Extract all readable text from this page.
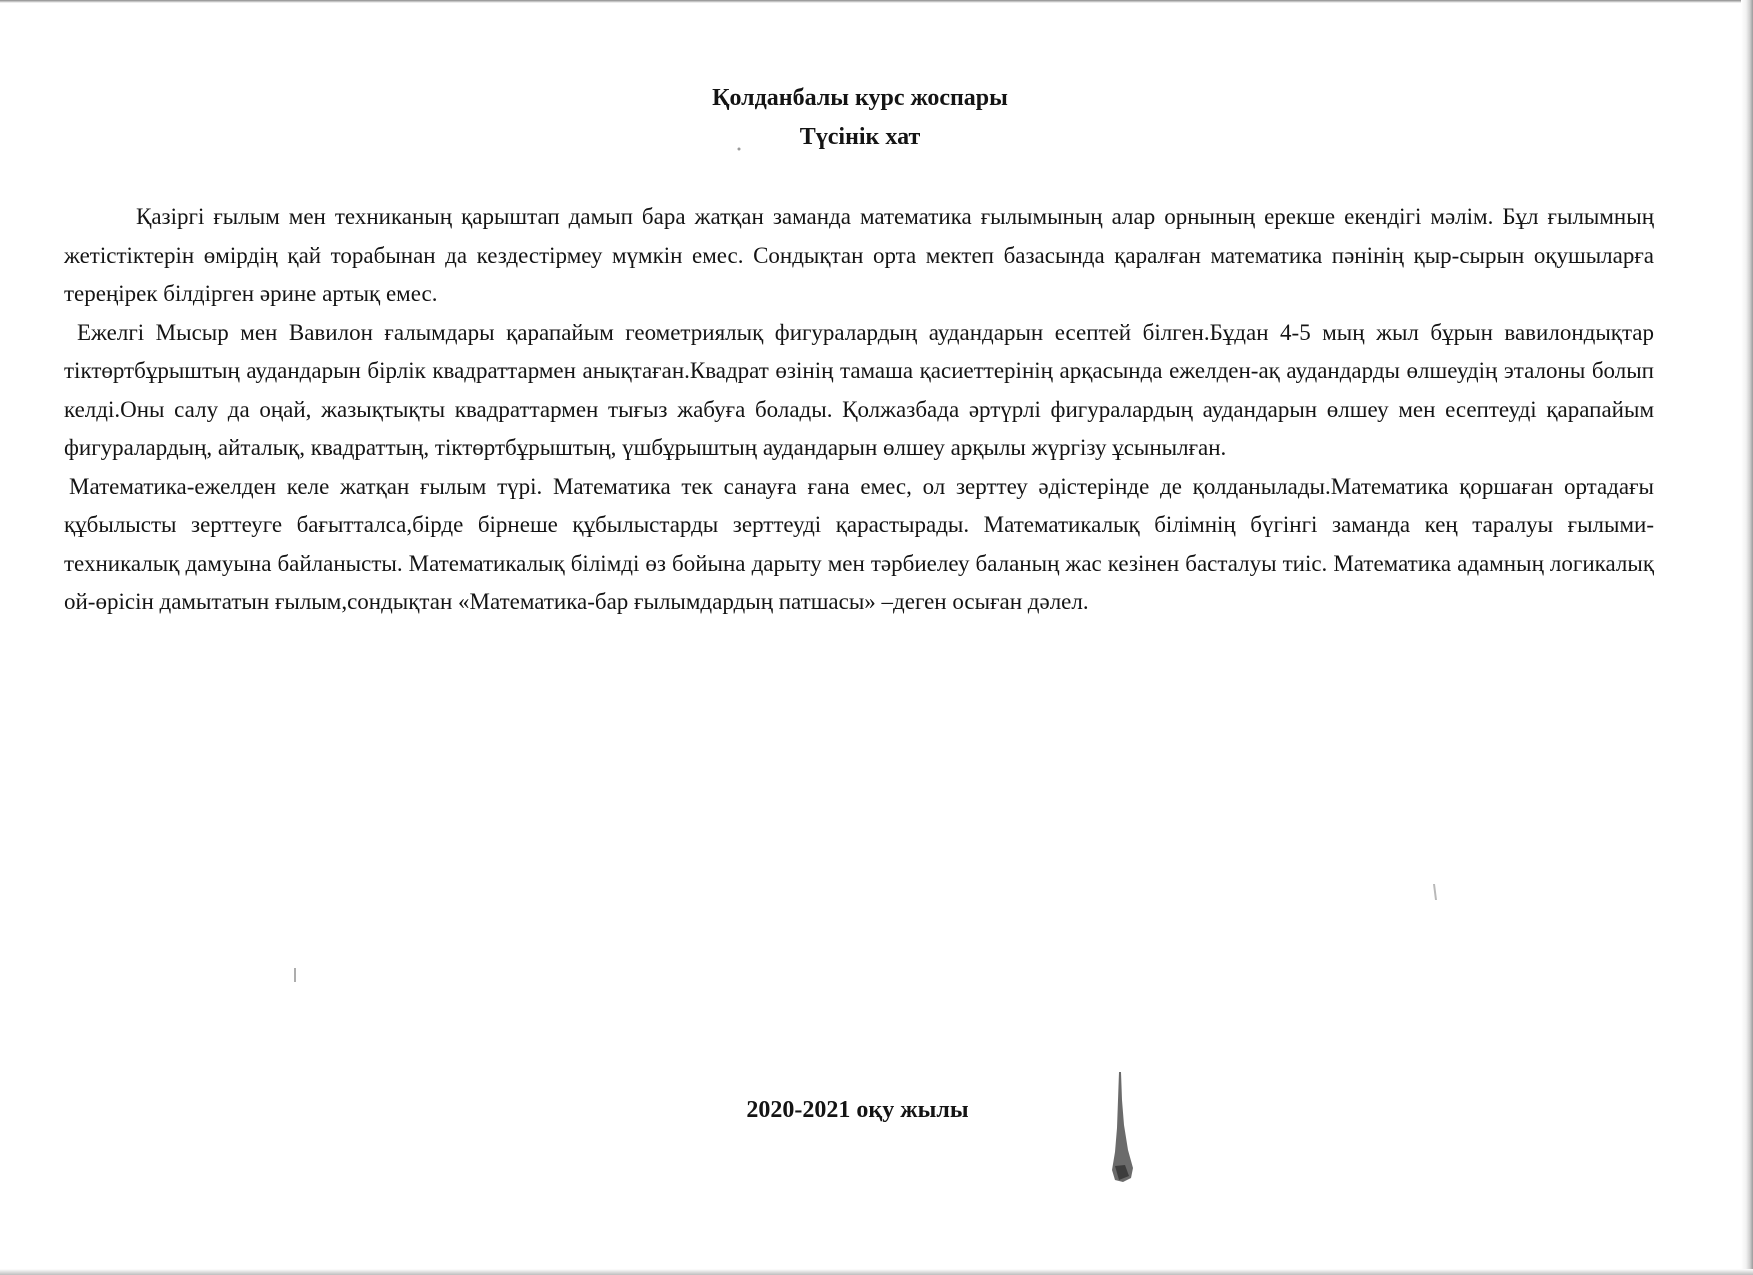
Қолданбалы курс жоспары
Түсінік хат

Қазіргі ғылым мен техниканың қарыштап дамып бара жатқан заманда математика ғылымының алар орнының ерекше екендігі мәлім. Бұл ғылымның жетістіктерін өмірдің қай торабынан да кездестірмеу мүмкін емес. Сондықтан орта мектеп базасында қаралған математика пәнінің қыр-сырын оқушыларға тереңірек білдірген әрине артық емес.

Ежелгі Мысыр мен Вавилон ғалымдары қарапайым геометриялық фигуралардың аудандарын есептей білген.Бұдан 4-5 мың жыл бұрын вавилондықтар тіктөртбұрыштың аудандарын бірлік квадраттармен анықтаған.Квадрат өзінің тамаша қасиеттерінің арқасында ежелден-ақ аудандарды өлшеудің эталоны болып келді.Оны салу да оңай, жазықтықты квадраттармен тығыз жабуға болады. Қолжазбада әртүрлі фигуралардың аудандарын өлшеу мен есептеуді қарапайым фигуралардың, айталық, квадраттың, тіктөртбұрыштың, үшбұрыштың аудандарын өлшеу арқылы жүргізу ұсынылған.

Математика-ежелден келе жатқан ғылым түрі. Математика тек санауға ғана емес, ол зерттеу әдістерінде де қолданылады.Математика қоршаған ортадағы құбылысты зерттеуге бағытталса,бірде бірнеше құбылыстарды зерттеуді қарастырады. Математикалық білімнің бүгінгі заманда кең таралуы ғылыми-техникалық дамуына байланысты. Математикалық білімді өз бойына дарыту мен тәрбиелеу баланың жас кезінен басталуы тиіс. Математика адамның логикалық ой-өрісін дамытатын ғылым,сондықтан «Математика-бар ғылымдардың патшасы» –деген осыған дәлел.

2020-2021 оқу жылы
